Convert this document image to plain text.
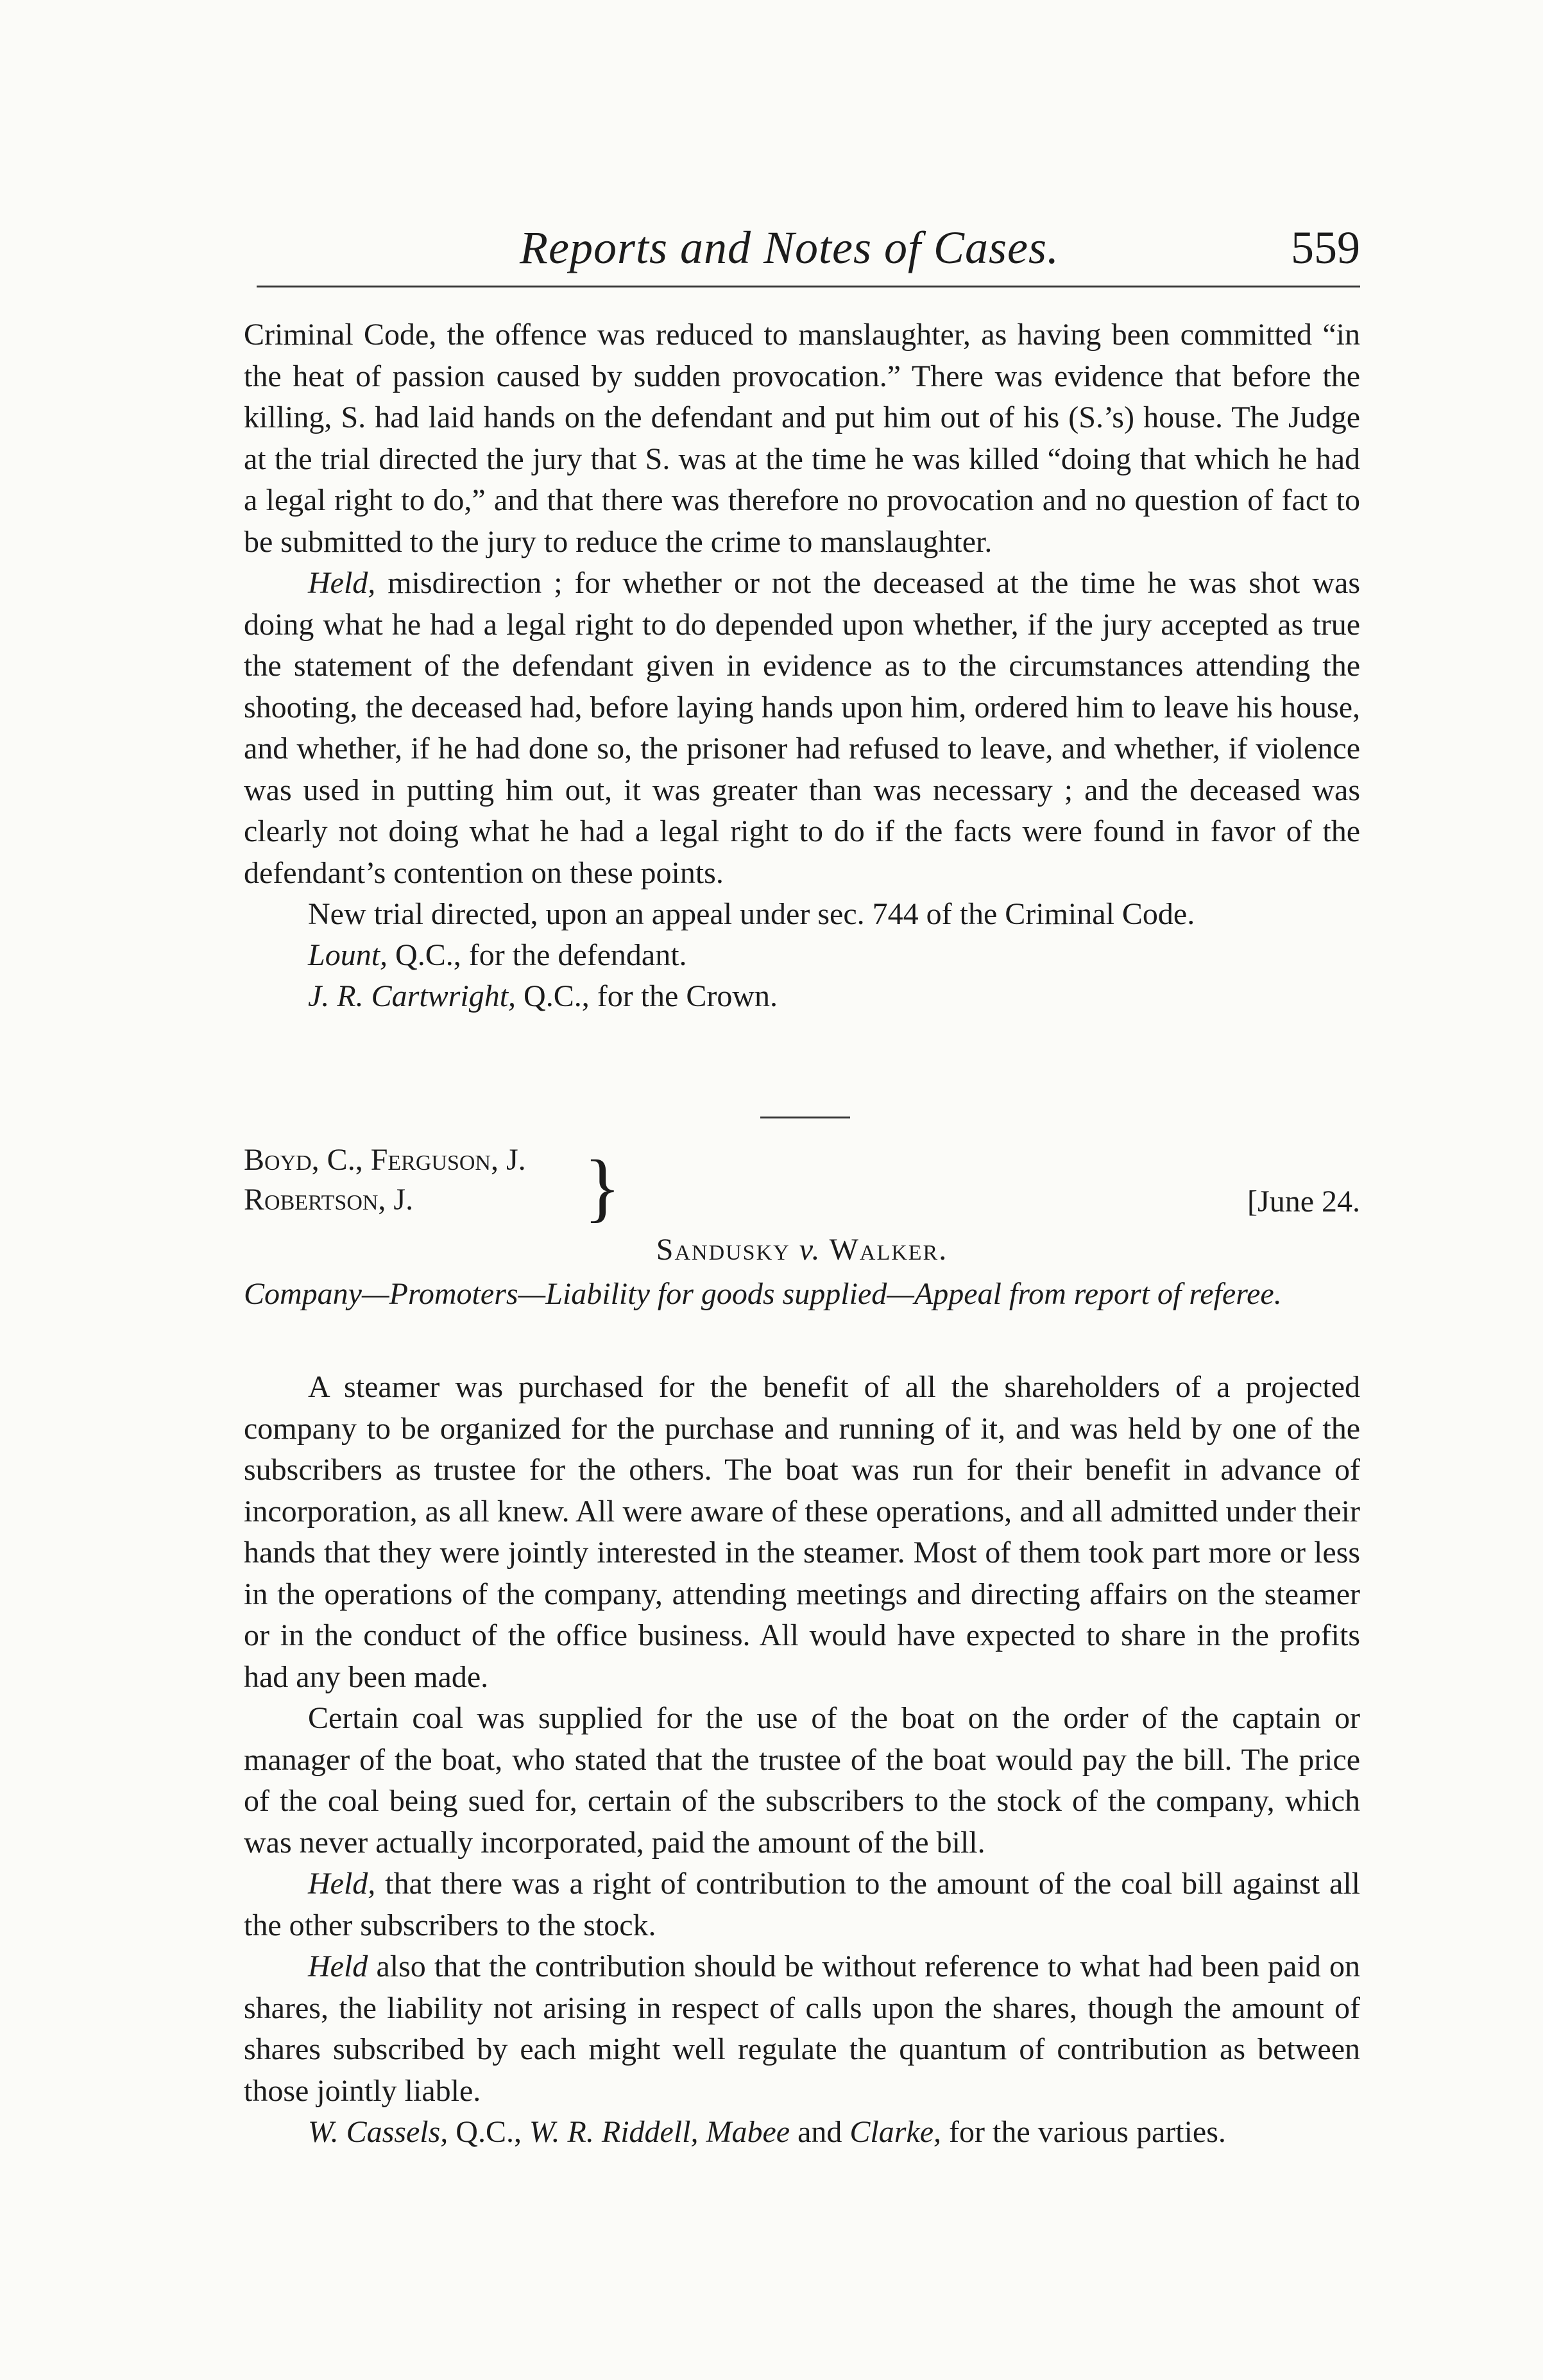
Reports and Notes of Cases.	559

Criminal Code, the offence was reduced to manslaughter, as having been committed “in the heat of passion caused by sudden provocation.” There was evidence that before the killing, S. had laid hands on the defendant and put him out of his (S.’s) house. The Judge at the trial directed the jury that S. was at the time he was killed “doing that which he had a legal right to do,” and that there was therefore no provocation and no question of fact to be submitted to the jury to reduce the crime to manslaughter.

Held, misdirection ; for whether or not the deceased at the time he was shot was doing what he had a legal right to do depended upon whether, if the jury accepted as true the statement of the defendant given in evidence as to the circumstances attending the shooting, the deceased had, before laying hands upon him, ordered him to leave his house, and whether, if he had done so, the prisoner had refused to leave, and whether, if violence was used in putting him out, it was greater than was necessary ; and the deceased was clearly not doing what he had a legal right to do if the facts were found in favor of the defendant’s contention on these points.

New trial directed, upon an appeal under sec. 744 of the Criminal Code.

Lount, Q.C., for the defendant.

J. R. Cartwright, Q.C., for the Crown.

Boyd, C., Ferguson, J.
Robertson, J. }	[June 24.
Sandusky v. Walker.
Company—Promoters—Liability for goods supplied—Appeal from report of referee.

A steamer was purchased for the benefit of all the shareholders of a projected company to be organized for the purchase and running of it, and was held by one of the subscribers as trustee for the others. The boat was run for their benefit in advance of incorporation, as all knew. All were aware of these operations, and all admitted under their hands that they were jointly interested in the steamer. Most of them took part more or less in the operations of the company, attending meetings and directing affairs on the steamer or in the conduct of the office business. All would have expected to share in the profits had any been made.

Certain coal was supplied for the use of the boat on the order of the captain or manager of the boat, who stated that the trustee of the boat would pay the bill. The price of the coal being sued for, certain of the subscribers to the stock of the company, which was never actually incorporated, paid the amount of the bill.

Held, that there was a right of contribution to the amount of the coal bill against all the other subscribers to the stock.

Held also that the contribution should be without reference to what had been paid on shares, the liability not arising in respect of calls upon the shares, though the amount of shares subscribed by each might well regulate the quantum of contribution as between those jointly liable.

W. Cassels, Q.C., W. R. Riddell, Mabee and Clarke, for the various parties.
